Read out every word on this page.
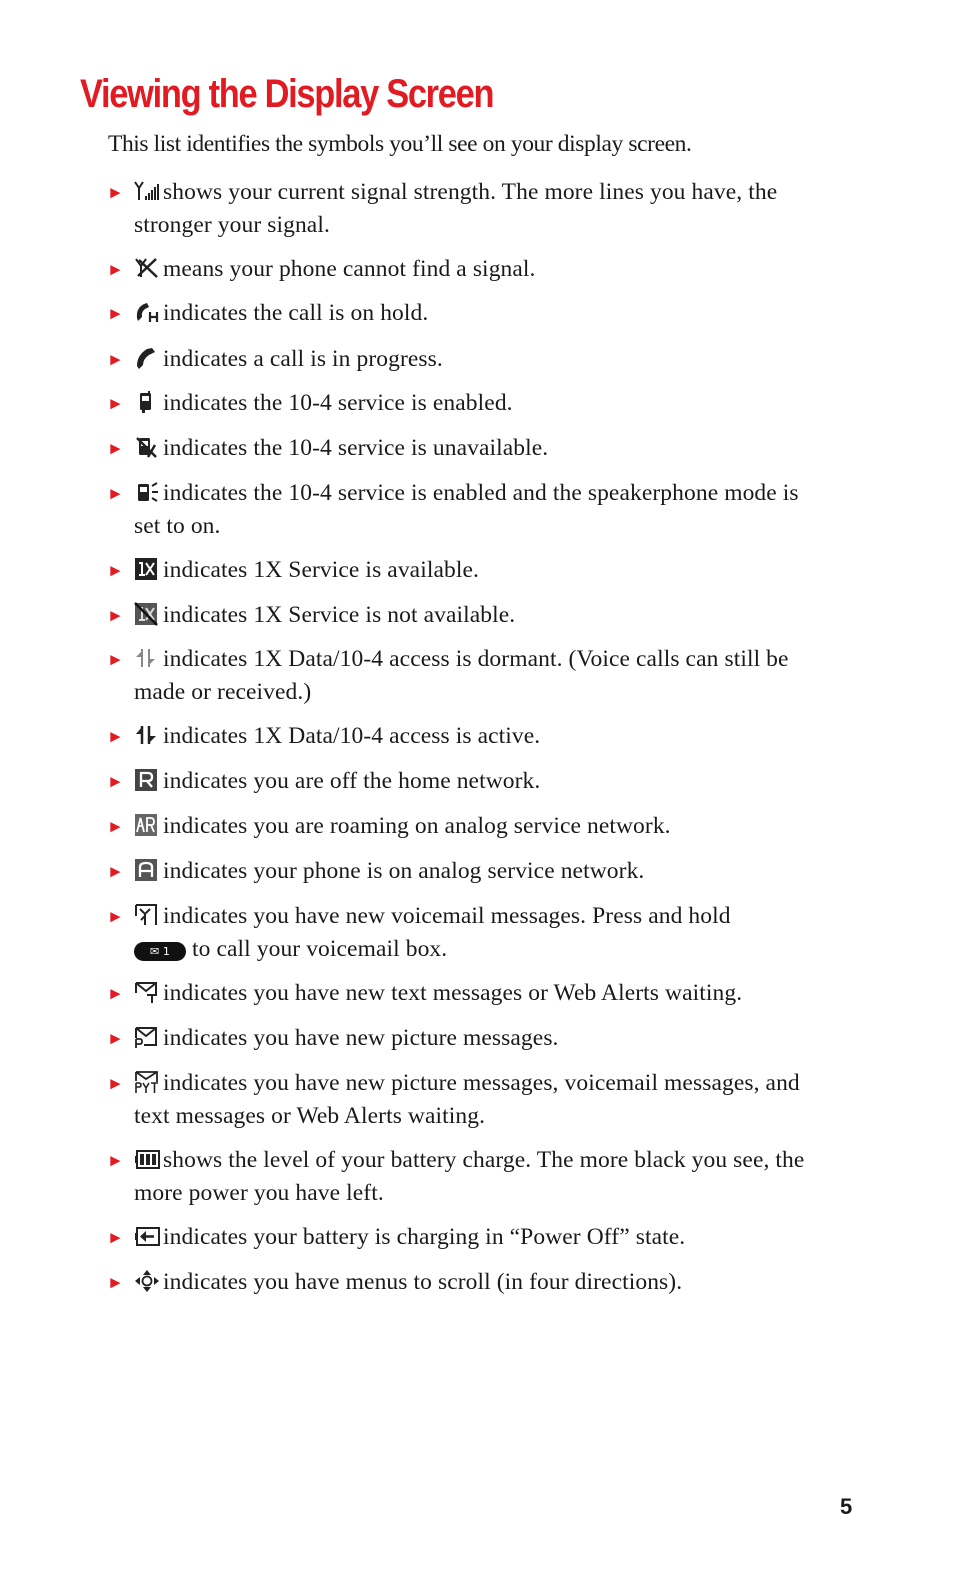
Viewing the Display Screen

This list identifies the symbols you’ll see on your display screen.

►	shows your current signal strength. The more lines you have, the stronger your signal.
►	means your phone cannot find a signal.
►	indicates the call is on hold.
►	indicates a call is in progress.
►	indicates the 10-4 service is enabled.
►	indicates the 10-4 service is unavailable.
►	indicates the 10-4 service is enabled and the speakerphone mode is set to on.
►	indicates 1X Service is available.
►	indicates 1X Service is not available.
►	indicates 1X Data/10-4 access is dormant. (Voice calls can still be made or received.)
►	indicates 1X Data/10-4 access is active.
►	indicates you are off the home network.
►	indicates you are roaming on analog service network.
►	indicates your phone is on analog service network.
►	indicates you have new voicemail messages. Press and hold
✉ 1 to call your voicemail box.
►	indicates you have new text messages or Web Alerts waiting.
►	indicates you have new picture messages.
►	indicates you have new picture messages, voicemail messages, and text messages or Web Alerts waiting.
►	shows the level of your battery charge. The more black you see, the more power you have left.
►	indicates your battery is charging in “Power Off” state.
►	indicates you have menus to scroll (in four directions).
5
